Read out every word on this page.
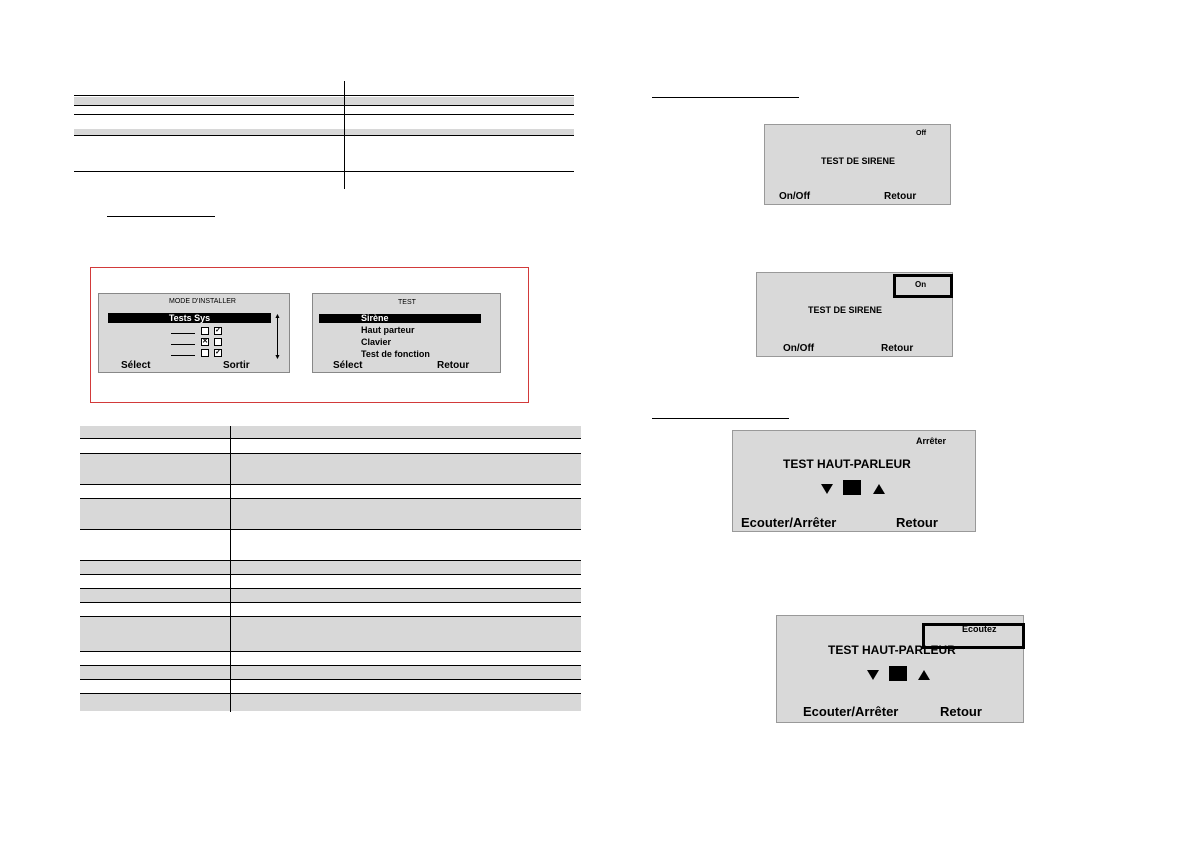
MODE D'INSTALLER
Tests Sys
✓
✕
✓
▲
▼
Sélect	Sortir
TEST
Sirène
Haut parteur
Clavier
Test de fonction
Sélect	Retour
Off
TEST DE SIRENE
On/Off	Retour
On
TEST DE SIRENE
On/Off	Retour
Arrêter
TEST HAUT-PARLEUR
Ecouter/Arrêter	Retour
Ecoutez
TEST HAUT-PARLEUR
Ecouter/Arrêter	Retour
